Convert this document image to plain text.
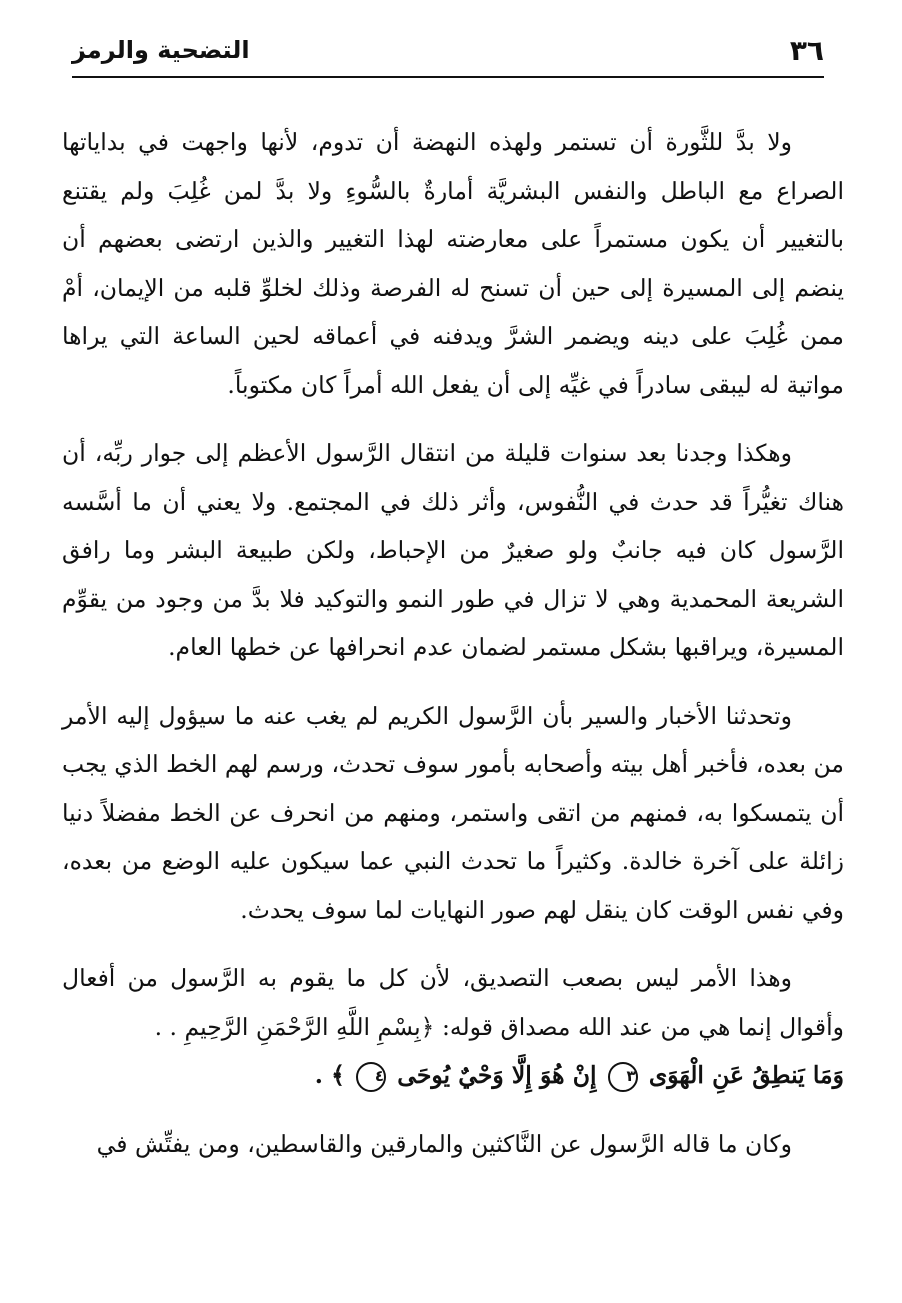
٣٦
التضحية والرمز

ولا بدَّ للثَّورة أن تستمر ولهذه النهضة أن تدوم، لأنها واجهت في بداياتها الصراع مع الباطل والنفس البشريَّة أمارةٌ بالسُّوءِ ولا بدَّ لمن غُلِبَ ولم يقتنع بالتغيير أن يكون مستمراً على معارضته لهذا التغيير والذين ارتضى بعضهم أن ينضم إلى المسيرة إلى حين أن تسنح له الفرصة وذلك لخلوِّ قلبه من الإيمان، أمْ ممن غُلِبَ على دينه ويضمر الشرَّ ويدفنه في أعماقه لحين الساعة التي يراها مواتية له ليبقى سادراً في غيِّه إلى أن يفعل الله أمراً كان مكتوباً.

وهكذا وجدنا بعد سنوات قليلة من انتقال الرَّسول الأعظم إلى جوار ربِّه، أن هناك تغيُّراً قد حدث في النُّفوس، وأثر ذلك في المجتمع. ولا يعني أن ما أسَّسه الرَّسول كان فيه جانبٌ ولو صغيرٌ من الإحباط، ولكن طبيعة البشر وما رافق الشريعة المحمدية وهي لا تزال في طور النمو والتوكيد فلا بدَّ من وجود من يقوِّم المسيرة، ويراقبها بشكل مستمر لضمان عدم انحرافها عن خطها العام.

وتحدثنا الأخبار والسير بأن الرَّسول الكريم لم يغب عنه ما سيؤول إليه الأمر من بعده، فأخبر أهل بيته وأصحابه بأمور سوف تحدث، ورسم لهم الخط الذي يجب أن يتمسكوا به، فمنهم من اتقى واستمر، ومنهم من انحرف عن الخط مفضلاً دنيا زائلة على آخرة خالدة. وكثيراً ما تحدث النبي عما سيكون عليه الوضع من بعده، وفي نفس الوقت كان ينقل لهم صور النهايات لما سوف يحدث.

وهذا الأمر ليس بصعب التصديق، لأن كل ما يقوم به الرَّسول من أفعال وأقوال إنما هي من عند الله مصداق قوله: ﴿بِسْمِ اللَّهِ الرَّحْمَنِ الرَّحِيمِ . .
وَمَا يَنطِقُ عَنِ الْهَوَى ٣ إِنْ هُوَ إِلَّا وَحْيٌ يُوحَى ٤ ﴾ .

وكان ما قاله الرَّسول عن النَّاكثين والمارقين والقاسطين، ومن يفتِّش في
